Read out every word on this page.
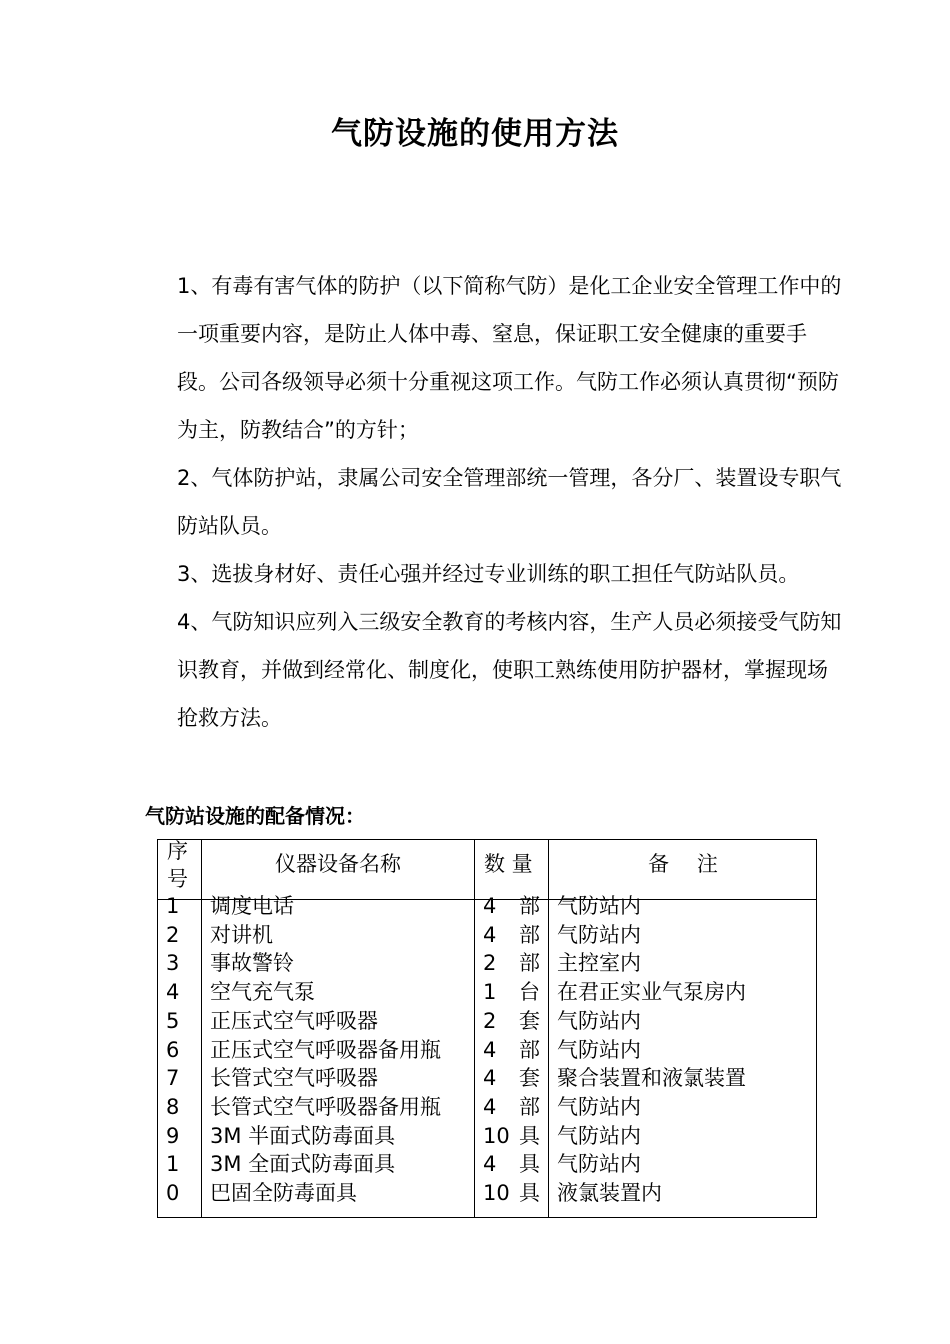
气防设施的使用方法

1、有毒有害气体的防护（以下简称气防）是化工企业安全管理工作中的一项重要内容，是防止人体中毒、窒息，保证职工安全健康的重要手段。公司各级领导必须十分重视这项工作。气防工作必须认真贯彻“预防为主，防教结合”的方针；

2、气体防护站，隶属公司安全管理部统一管理，各分厂、装置设专职气防站队员。

3、选拔身材好、责任心强并经过专业训练的职工担任气防站队员。

4、气防知识应列入三级安全教育的考核内容，生产人员必须接受气防知识教育，并做到经常化、制度化，使职工熟练使用防护器材，掌握现场抢救方法。

气防站设施的配备情况：
序
号
仪器设备名称	数 量	备　 注
1 调度电话	4 部 气防站内
2 对讲机	4 部 气防站内
3 事故警铃	2 部 主控室内
4 空气充气泵	1 台 在君正实业气泵房内
5 正压式空气呼吸器	2 套 气防站内
6 正压式空气呼吸器备用瓶 4 部 气防站内
7 长管式空气呼吸器	4 套 聚合装置和液氯装置
8 长管式空气呼吸器备用瓶 4 部 气防站内
9 3M 半面式防毒面具	10 具 气防站内
1 3M 全面式防毒面具	4 具 气防站内
0 巴固全防毒面具	10 具 液氯装置内
